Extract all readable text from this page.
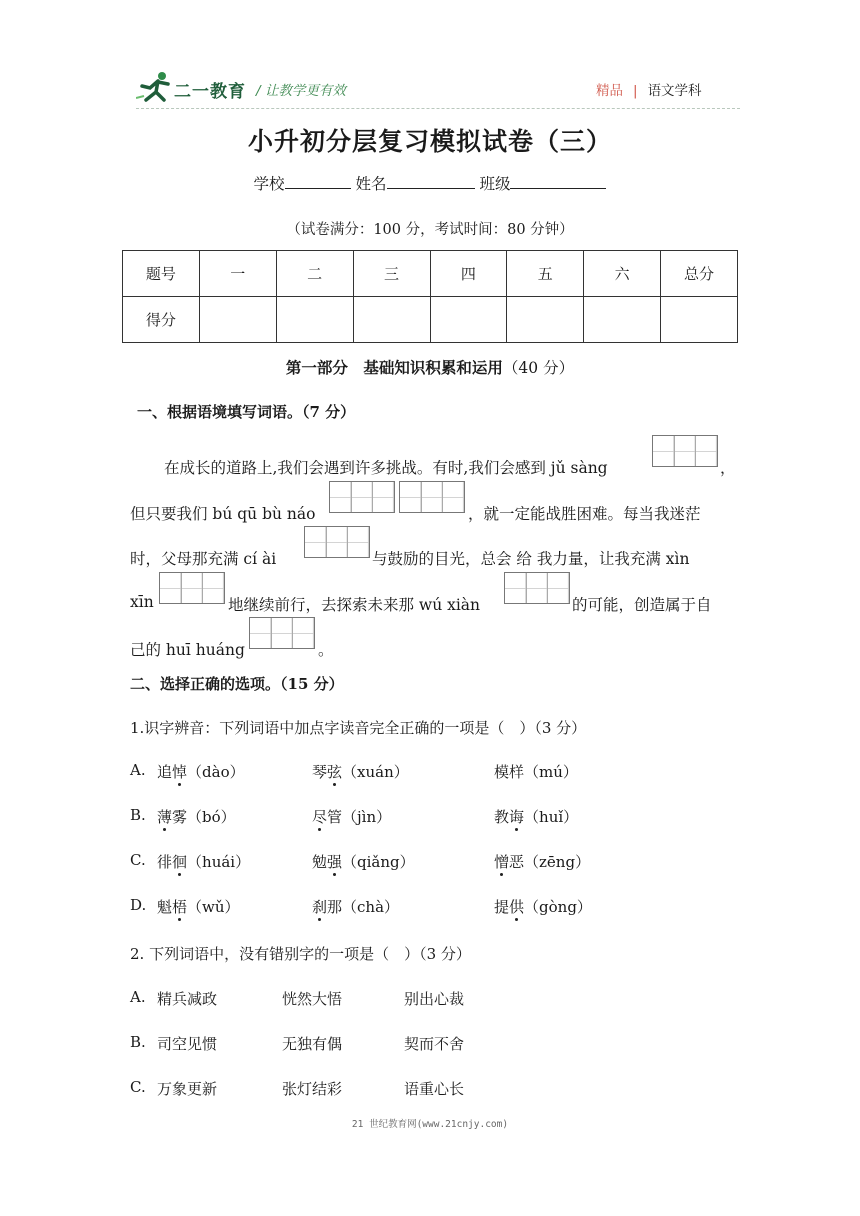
二一教育 / 让教学更有效	精品 | 语文学科
小升初分层复习模拟试卷（三）
学校	姓名	班级
（试卷满分：100 分，考试时间：80 分钟）
题号	一	二	三	四	五	六	总分
得分							
第一部分　基础知识积累和运用（40 分）
一、根据语境填写词语。（7 分）
在成长的道路上,我们会遇到许多挑战。有时,我们会感到 jǔ sàng	，
但只要我们 bú qū bù náo	，就一定能战胜困难。每当我迷茫
时，父母那充满 cí ài	与鼓励的目光，总会 给 我力量，让我充满 xìn
xīn	地继续前行，去探索未来那 wú xiàn	的可能，创造属于自
己的 huī huáng	。
二、选择正确的选项。（15 分）
1.识字辨音：下列词语中加点字读音完全正确的一项是（　）（3 分）
A. 追悼（dào）	琴弦（xuán）	模样（mú）
B. 薄雾（bó）	尽管（jìn）	教诲（huǐ）
C. 徘徊（huái）	勉强（qiǎng）	憎恶（zēng）
D. 魁梧（wǔ）	刹那（chà）	提供（gòng）
2. 下列词语中，没有错别字的一项是（　）（3 分）
A. 精兵减政	恍然大悟	别出心裁
B. 司空见惯	无独有偶	契而不舍
C. 万象更新	张灯结彩	语重心长
21 世纪教育网(www.21cnjy.com)
